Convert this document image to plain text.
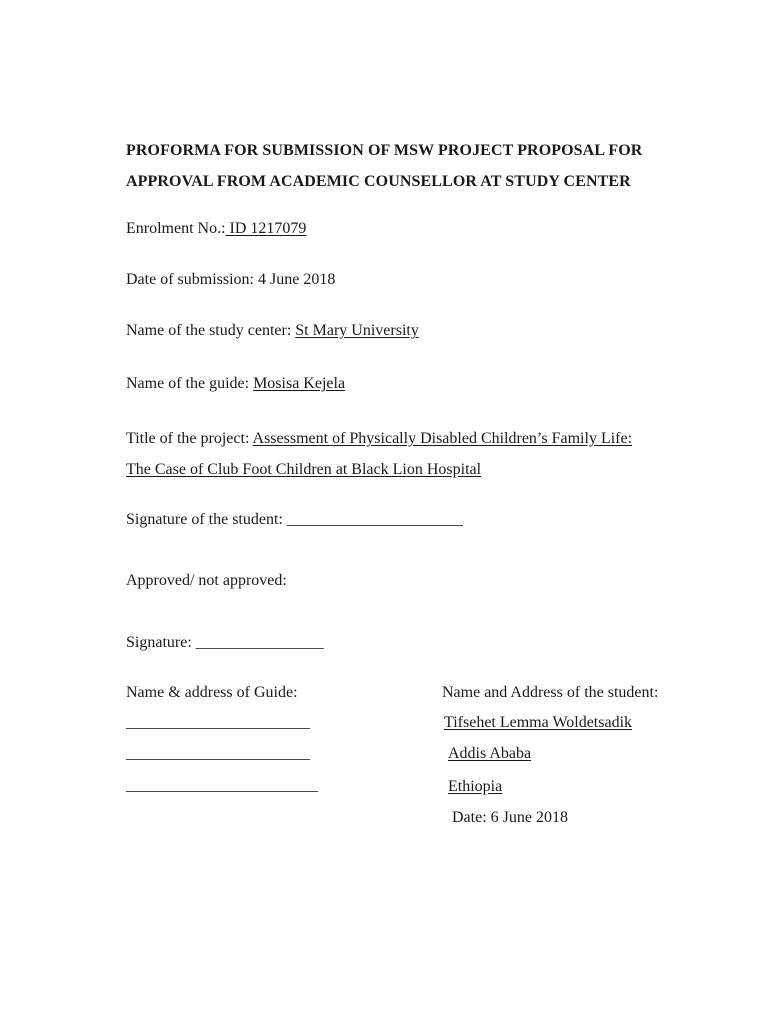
PROFORMA FOR SUBMISSION OF MSW PROJECT PROPOSAL FOR
APPROVAL FROM ACADEMIC COUNSELLOR AT STUDY CENTER
Enrolment No.: ID 1217079
Date of submission: 4 June 2018
Name of the study center: St Mary University
Name of the guide: Mosisa Kejela
Title of the project: Assessment of Physically Disabled Children’s Family Life:
The Case of Club Foot Children at Black Lion Hospital
Signature of the student: ______________________
Approved/ not approved:
Signature: ________________
Name & address of Guide:
_______________________
_______________________
________________________
Name and Address of the student:
Tifsehet Lemma Woldetsadik
Addis Ababa
Ethiopia
Date: 6 June 2018
